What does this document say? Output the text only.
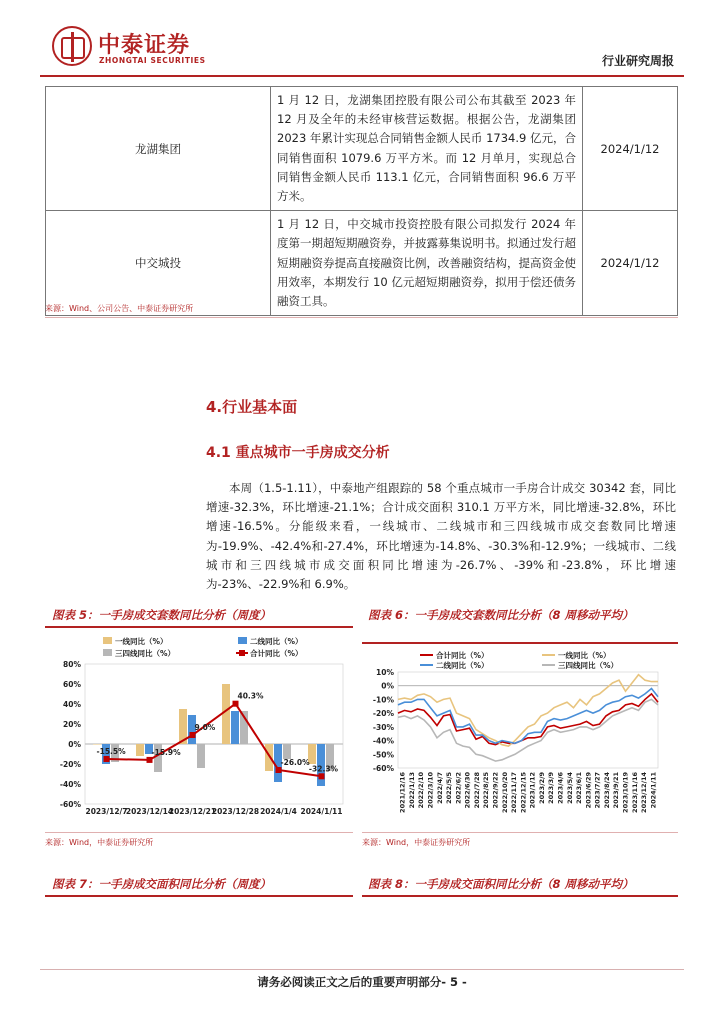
中泰证券
ZHONGTAI SECURITIES	行业研究周报
龙湖集团	1 月 12 日，龙湖集团控股有限公司公布其截至 2023 年 12 月及全年的未经审核营运数据。根据公告，龙湖集团 2023 年累计实现总合同销售金额人民币 1734.9 亿元，合同销售面积 1079.6 万平方米。而 12 月单月，实现总合同销售金额人民币 113.1 亿元，合同销售面积 96.6 万平方米。	2024/1/12
中交城投	1 月 12 日，中交城市投资控股有限公司拟发行 2024 年度第一期超短期融资券，并披露募集说明书。拟通过发行超短期融资券提高直接融资比例，改善融资结构，提高资金使用效率，本期发行 10 亿元超短期融资券，拟用于偿还债务融资工具。	2024/1/12
来源：Wind、公司公告、中泰证券研究所
4.行业基本面
4.1 重点城市一手房成交分析
本周（1.5-1.11），中泰地产组跟踪的 58 个重点城市一手房合计成交 30342 套，同比增速-32.3%，环比增速-21.1%；合计成交面积 310.1 万平方米，同比增速-32.8%，环比增速-16.5%。分能级来看，一线城市、二线城市和三四线城市成交套数同比增速为-19.9%、-42.4%和-27.4%，环比增速为-14.8%、-30.3%和-12.9%；一线城市、二线城市和三四线城市成交面积同比增速为-26.7%、-39%和-23.8%，环比增速为-23%、-22.9%和 6.9%。
图表 5：一手房成交套数同比分析（周度）
80%
60%
40%
20%
0%
-20%
-40%
-60%
2023/12/7
2023/12/14
2023/12/21
2023/12/28 2024/1/4 2024/1/11
-15.5%	-15.9%
9.0%
40.3%
-26.0%
-32.3%
一线同比（%）	二线同比（%）
三四线同比（%）	合计同比（%）
来源：Wind，中泰证券研究所
图表 6：一手房成交套数同比分析（8 周移动平均）
10%
0%
-10%
-20%
-30%
-40%
-50%
-60%
2021/12/16 2022/1/13 2022/2/10 2022/3/10 2022/4/7 2022/5/5 2022/6/2 2022/6/30 2022/7/28 2022/8/25 2022/9/22 2022/10/20 2022/11/17 2022/12/15 2023/1/12 2023/2/9 2023/3/9 2023/4/6 2023/5/4 2023/6/1 2023/6/29 2023/7/27 2023/8/24 2023/9/21 2023/10/19 2023/11/16 2023/12/14 2024/1/11
合计同比（%）	一线同比（%）
二线同比（%）	三四线同比（%）
来源：Wind，中泰证券研究所
图表 7：一手房成交面积同比分析（周度）	图表 8：一手房成交面积同比分析（8 周移动平均）
请务必阅读正文之后的重要声明部分- 5 -
